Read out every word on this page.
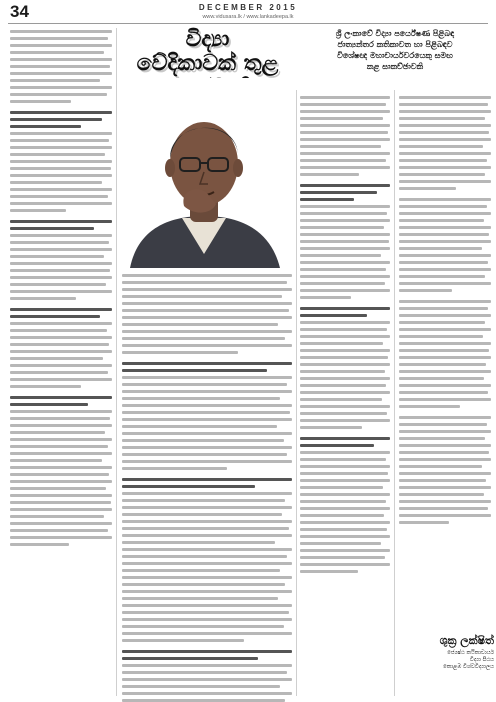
34	DECEMBER 2015
www.vidusara.lk / www.lankadeepa.lk
විද්‍යා
වේදිකාවක් තුළ
ශ්‍රී ලංකාවේ විද්‍යා පර්යේෂණ පිළිබඳ
ජාත්‍යන්තර කතිකාවත හා පිළිබඳව
විශේෂඥ මහාචාර්යවරයෙකු සමඟ
කළ සාකච්ඡාවකි
ශුක්‍ර ලක්ෂිත්
ජ්‍යෙෂ්ඨ කථිකාචාර්ය
විද්‍යා පීඨය
කොළඹ විශ්වවිද්‍යාලය
